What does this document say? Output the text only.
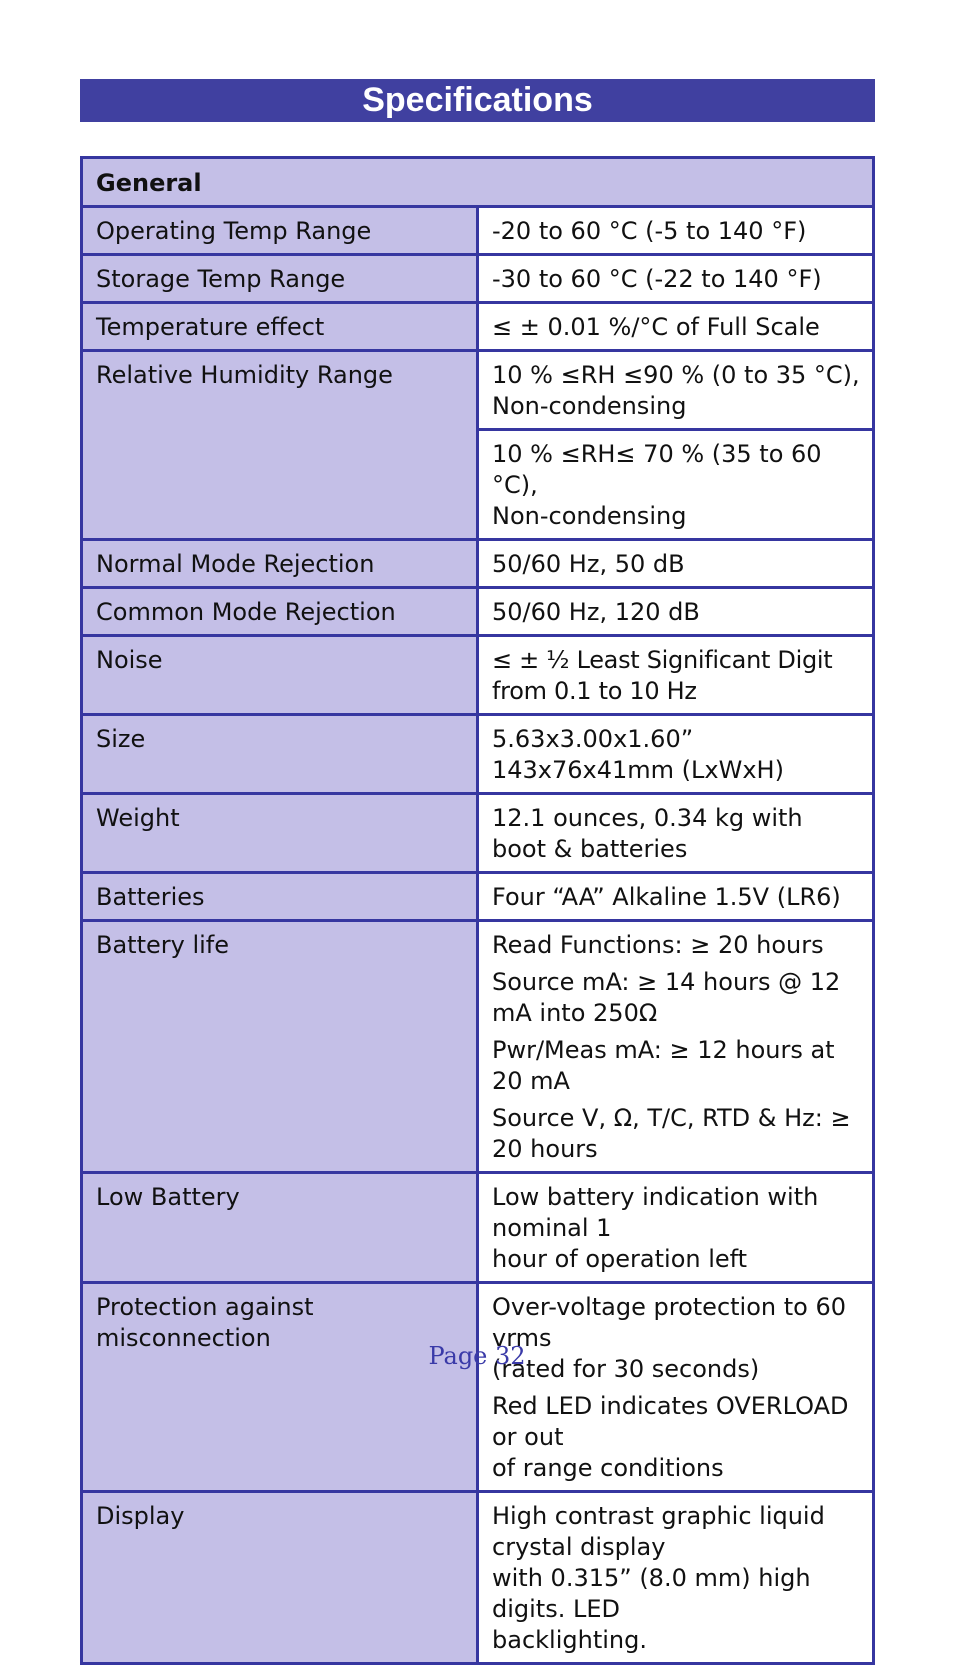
Specifications
General	
Operating Temp Range	-20 to 60 °C (-5 to 140 °F)
Storage Temp Range	-30 to 60 °C (-22 to 140 °F)
Temperature effect	≤ ± 0.01 %/°C of Full Scale
Relative Humidity Range	10 % ≤RH ≤90 % (0 to 35 °C),
Non-condensing

	10 % ≤RH≤ 70 % (35 to 60 °C),
Non-condensing

Normal Mode Rejection	50/60 Hz, 50 dB
Common Mode Rejection	50/60 Hz, 120 dB
Noise	≤ ± ½ Least Significant Digit from 0.1 to 10 Hz
Size	5.63x3.00x1.60” 143x76x41mm (LxWxH)
Weight	12.1 ounces, 0.34 kg with boot & batteries
Batteries	Four “AA” Alkaline 1.5V (LR6)
Battery life	Read Functions: ≥ 20 hours
Source mA: ≥ 14 hours @ 12 mA into 250Ω
Pwr/Meas mA: ≥ 12 hours at 20 mA
Source V, Ω, T/C, RTD & Hz: ≥ 20 hours

Low Battery	Low battery indication with nominal 1
hour of operation left

Protection against misconnection	Over-voltage protection to 60 vrms
(rated for 30 seconds)
Red LED indicates OVERLOAD or out
of range conditions

Display	High contrast graphic liquid crystal display
with 0.315” (8.0 mm) high digits. LED
backlighting.
Page 32
